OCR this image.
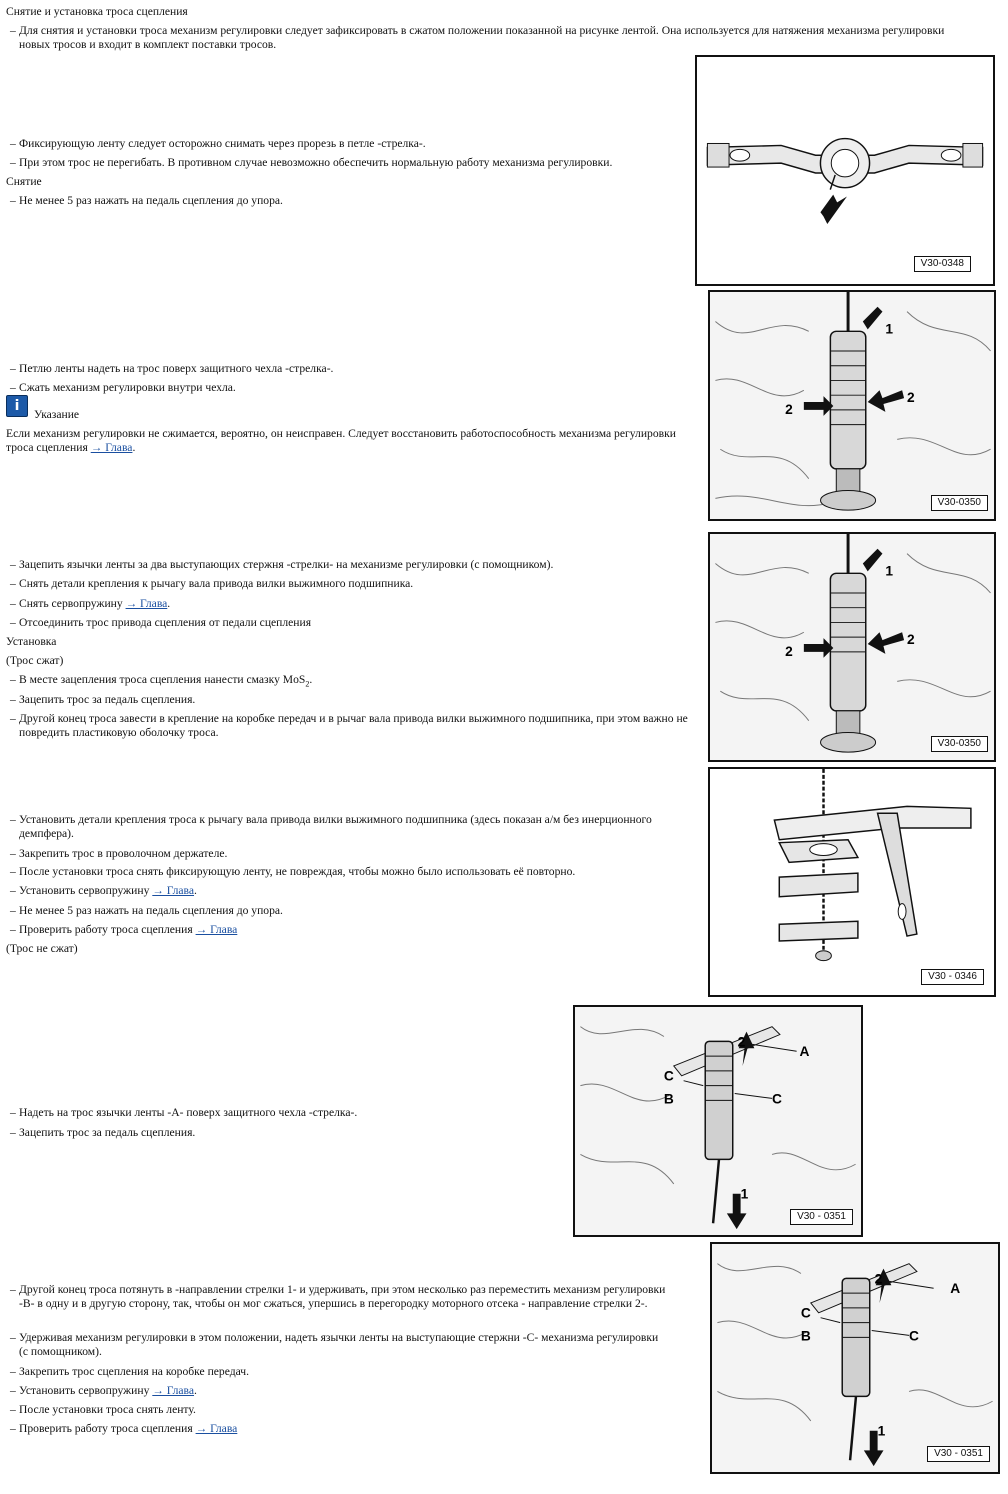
Снятие и установка троса сцепления

– Для снятия и установки троса механизм регулировки следует зафиксировать в сжатом положении показанной на рисунке лентой. Она используется для натяжения механизма регулировки новых тросов и входит в комплект поставки тросов.

– Фиксирующую ленту следует осторожно снимать через прорезь в петле -стрелка-.

– При этом трос не перегибать. В противном случае невозможно обеспечить нормальную работу механизма регулировки.

Снятие

– Не менее 5 раз нажать на педаль сцепления до упора.

V30-0348
1
2
2
V30-0350

– Петлю ленты надеть на трос поверх защитного чехла -стрелка-.

– Сжать механизм регулировки внутри чехла.

i

Указание

Если механизм регулировки не сжимается, вероятно, он неисправен. Следует восстановить работоспособность механизма регулировки троса сцепления → Глава.

1
2
2
V30-0350

– Зацепить язычки ленты за два выступающих стержня -стрелки- на механизме регулировки (с помощником).

– Снять детали крепления к рычагу вала привода вилки выжимного подшипника.

– Снять сервопружину → Глава.

– Отсоединить трос привода сцепления от педали сцепления

Установка

(Трос сжат)

– В месте зацепления троса сцепления нанести смазку MoS$_2$.

– Зацепить трос за педаль сцепления.

– Другой конец троса завести в крепление на коробке передач и в рычаг вала привода вилки выжимного подшипника, при этом важно не повредить пластиковую оболочку троса.

V30 - 0346

– Установить детали крепления троса к рычагу вала привода вилки выжимного подшипника (здесь показан а/м без инерционного демпфера).

– Закрепить трос в проволочном держателе.

– После установки троса снять фиксирующую ленту, не повреждая, чтобы можно было использовать её повторно.

– Установить сервопружину → Глава.

– Не менее 5 раз нажать на педаль сцепления до упора.

– Проверить работу троса сцепления → Глава

(Трос не сжат)

2
A
C
C
B
1
V30 - 0351

– Надеть на трос язычки ленты -A- поверх защитного чехла -стрелка-.

– Зацепить трос за педаль сцепления.

2
A
C
C
B
1
V30 - 0351

– Другой конец троса потянуть в -направлении стрелки 1- и удерживать, при этом несколько раз переместить механизм регулировки -B- в одну и в другую сторону, так, чтобы он мог сжаться, упершись в перегородку моторного отсека - направление стрелки 2-.

– Удерживая механизм регулировки в этом положении, надеть язычки ленты на выступающие стержни -C- механизма регулировки (с помощником).

– Закрепить трос сцепления на коробке передач.

– Установить сервопружину → Глава.

– После установки троса снять ленту.

– Проверить работу троса сцепления → Глава
